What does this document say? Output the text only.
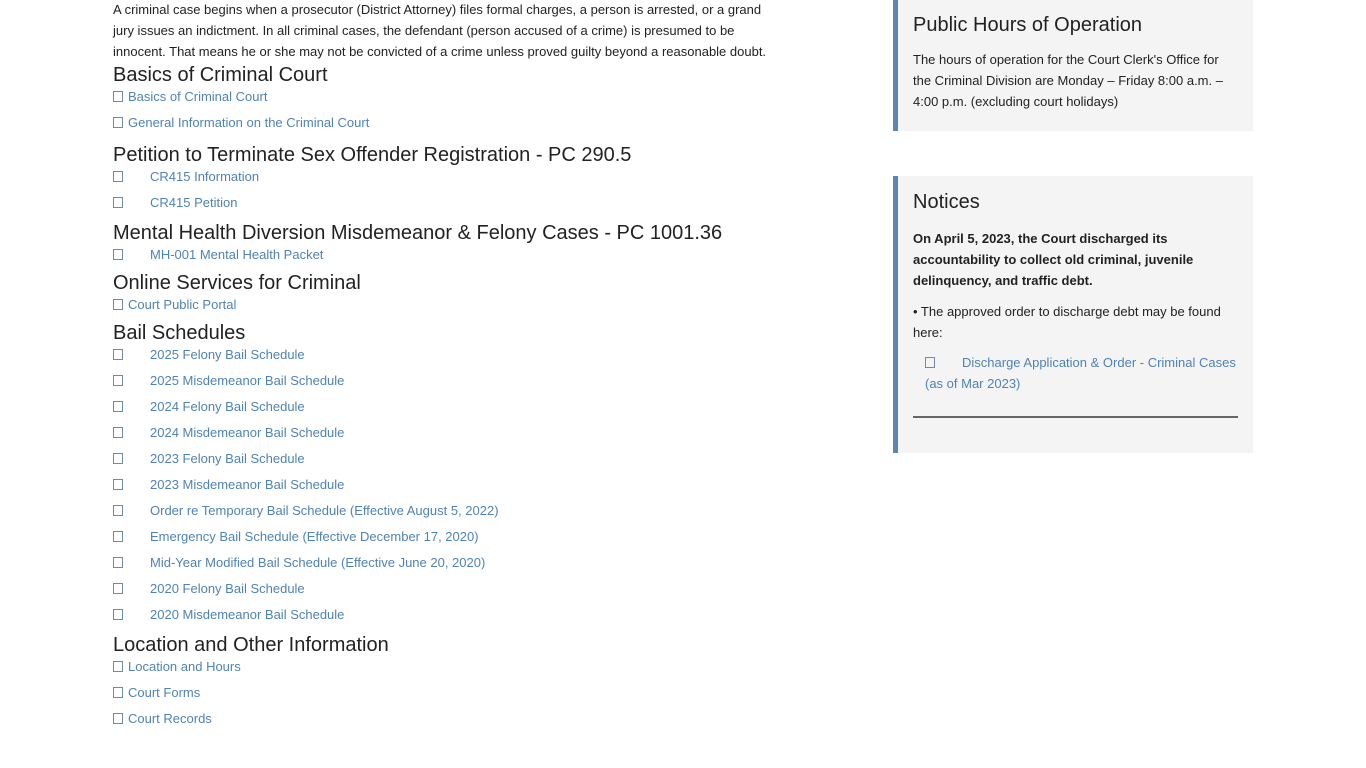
A criminal case begins when a prosecutor (District Attorney) files formal charges, a person is arrested, or a grand jury issues an indictment. In all criminal cases, the defendant (person accused of a crime) is presumed to be innocent. That means he or she may not be convicted of a crime unless proved guilty beyond a reasonable doubt.

Basics of Criminal Court
Basics of Criminal Court
General Information on the Criminal Court
Petition to Terminate Sex Offender Registration - PC 290.5
CR415 Information
CR415 Petition
Mental Health Diversion Misdemeanor & Felony Cases - PC 1001.36
MH-001 Mental Health Packet
Online Services for Criminal
Court Public Portal
Bail Schedules
2025 Felony Bail Schedule
2025 Misdemeanor Bail Schedule
2024 Felony Bail Schedule
2024 Misdemeanor Bail Schedule
2023 Felony Bail Schedule
2023 Misdemeanor Bail Schedule
Order re Temporary Bail Schedule (Effective August 5, 2022)
Emergency Bail Schedule (Effective December 17, 2020)
Mid-Year Modified Bail Schedule (Effective June 20, 2020)
2020 Felony Bail Schedule
2020 Misdemeanor Bail Schedule
Location and Other Information
Location and Hours
Court Forms
Court Records
Public Hours of Operation

The hours of operation for the Court Clerk's Office for the Criminal Division are Monday – Friday 8:00 a.m. – 4:00 p.m. (excluding court holidays)

Notices

On April 5, 2023, the Court discharged its accountability to collect old criminal, juvenile delinquency, and traffic debt.

• The approved order to discharge debt may be found here:

Discharge Application & Order - Criminal Cases (as of Mar 2023)
